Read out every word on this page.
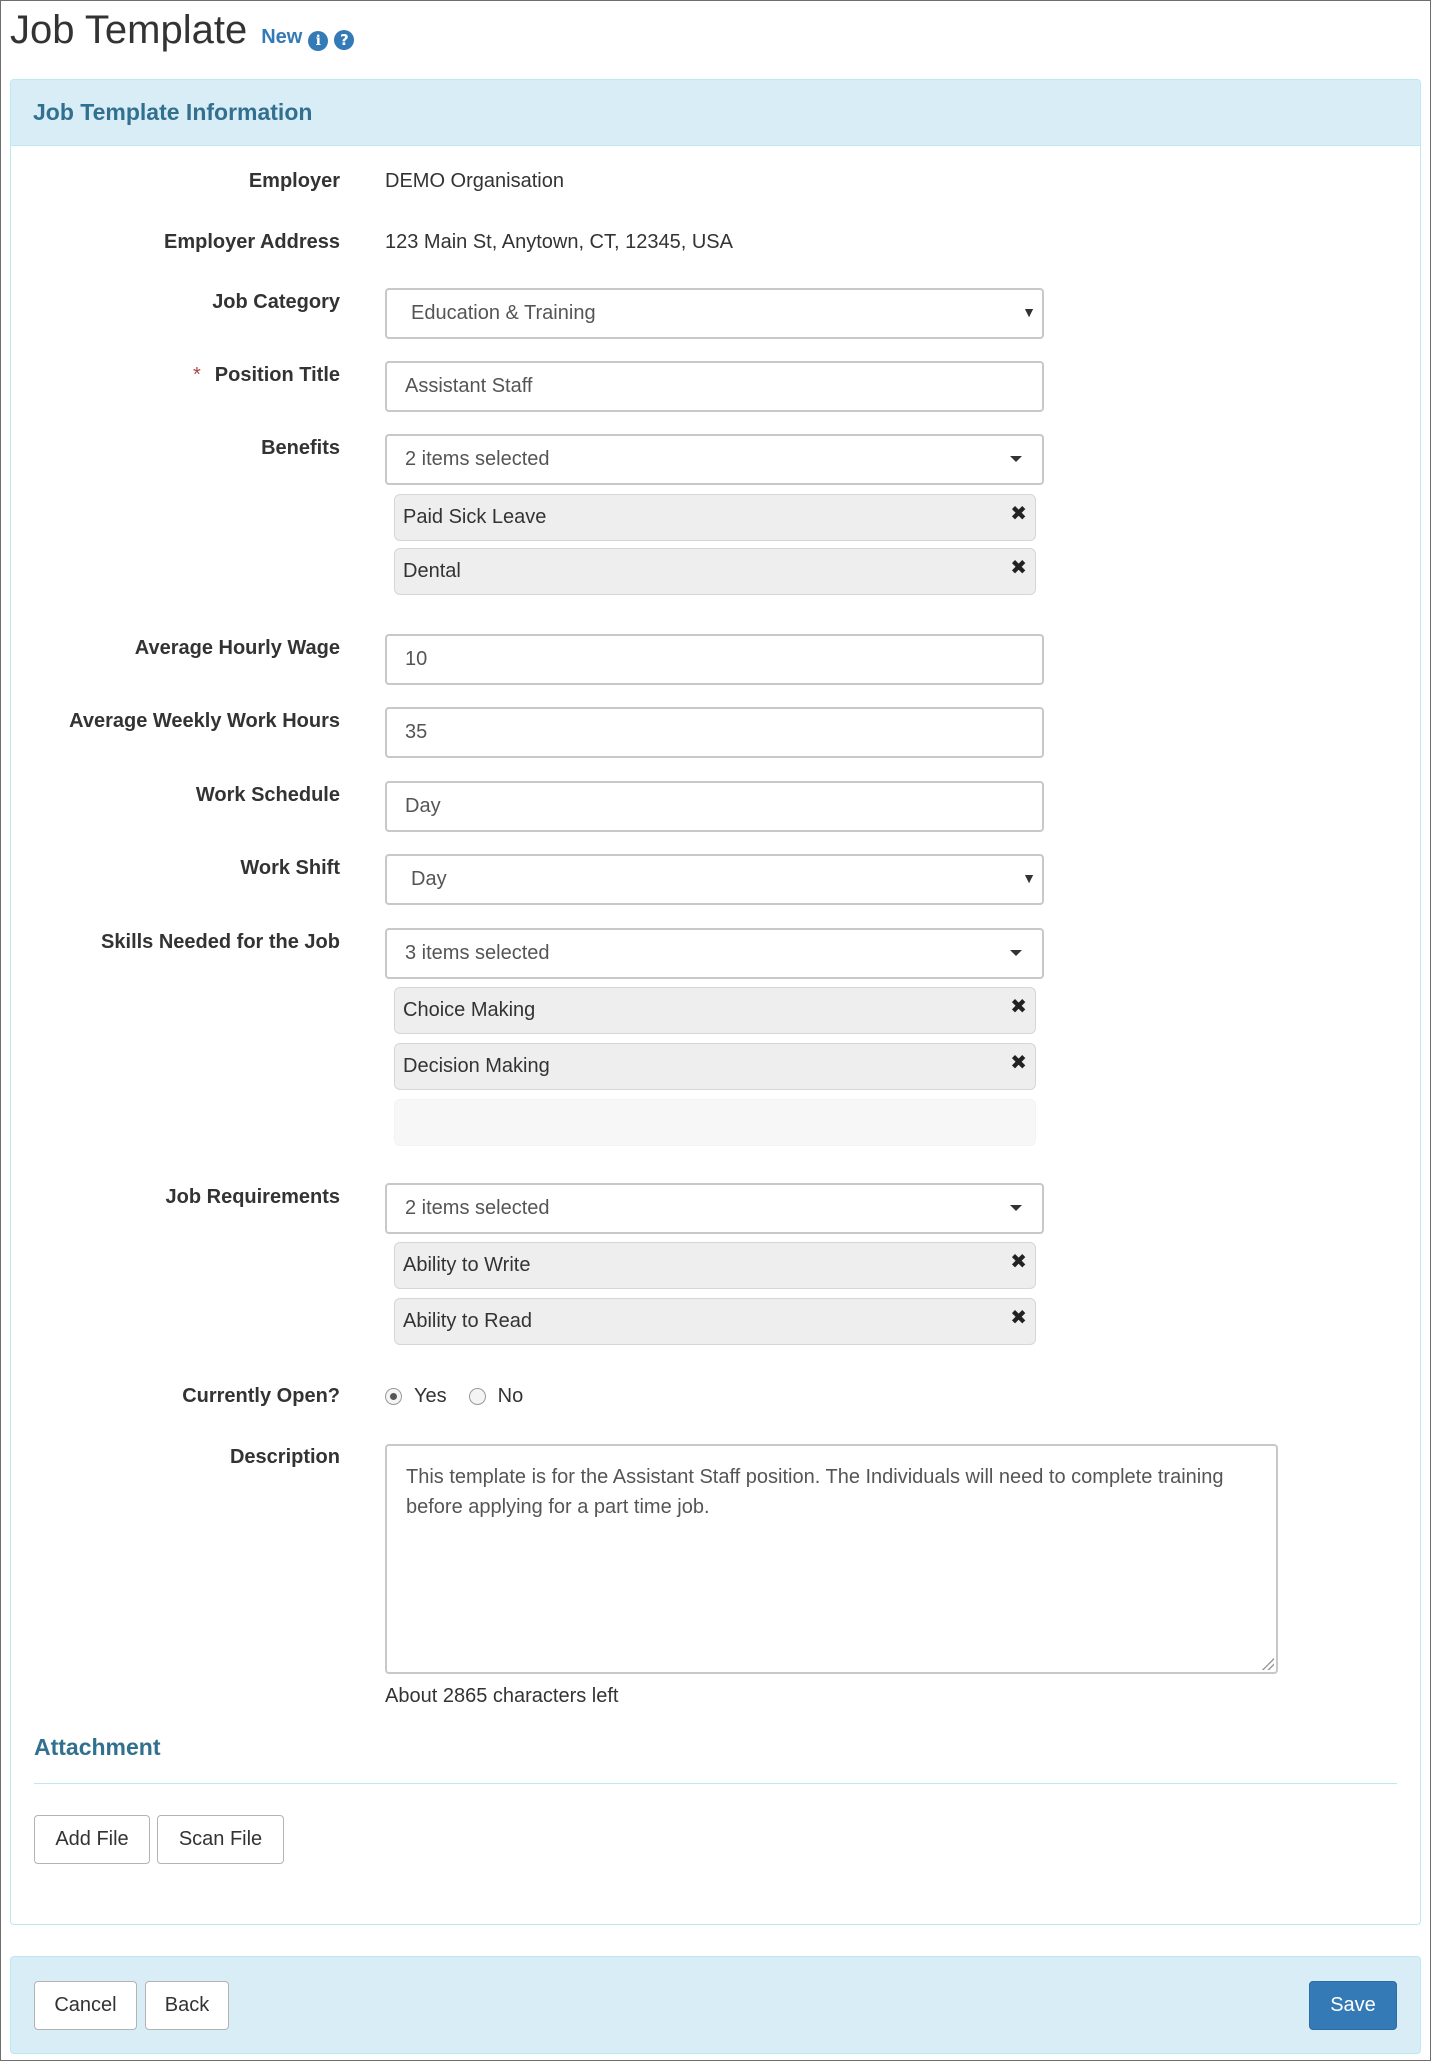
Job Template New i	?
Job Template Information
Employer DEMO Organisation
Employer Address 123 Main St, Anytown, CT, 12345, USA
Job Category	Education & Training	▼
* Position Title	Assistant Staff
Benefits	2 items selected
Paid Sick Leave	✖
Dental	✖
Average Hourly Wage	10
Average Weekly Work Hours	35
Work Schedule	Day
Work Shift	Day	▼
Skills Needed for the Job	3 items selected
Choice Making	✖
Decision Making	✖
Job Requirements	2 items selected
Ability to Write	✖
Ability to Read	✖
Currently Open?	Yes	No
Description
This template is for the Assistant Staff position. The Individuals will need to complete training before applying for a part time job.
About 2865 characters left
Attachment
Add File	Scan File
Cancel	Back	Save
